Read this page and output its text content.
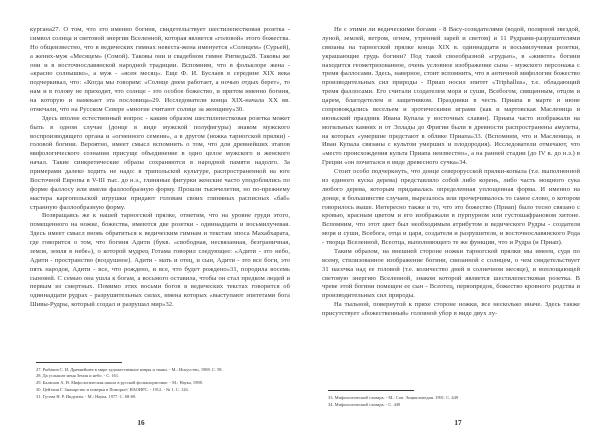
кургана27. О том, что это именно богиня, свидетельствует шестилепестковая розетка - символ солнца и световой энергии Вселенной, которая является «головой» этого божества. Но общеизвестно, что в ведических гимнах невеста-жена именуется «Солнцем» (Сурьей), а жених-муж «Месяцем» (Сомой). Таковы они и свадебном гимне Ригведы28. Таковы же они и в восточнославянской народной традиции. Вспомним, что в фольклоре жена - «красно солнышко», а муж - «ясен месяц». Еще Ф. И. Буслаев в середине XIX века подчеркивал, что: «Когда мы говорим: «Солнце днем работает, а ночью отдых берет», то нам и в голову не приходит, что солнце - это особое божество, и притом именно богиня, на которую и намекает эта пословица»29. Исследователи конца XIX-начала XX вв. отмечали, что на Русском Севере «многие считают солнце за женщину»30.

Здесь вполне естественный вопрос - каким образом шестилепестковая розетка может быть в одном случае (донце в виде мужской полуфигуры) знаком мужского воспроизводящего органа и «огненного семени», а в другом (ножка тарногской прялки) - головой богини. Вероятно, имеет смысл вспомнить о том, что для древнейших этапов мифологического сознания присуще объединение в одно целое мужского и женского начал. Такие синкретические образы сохраняются в народной памяти надолго. За примерами далеко ходить не надо: в трипольской культуре, распространенной на юге Восточной Европы в V-III тыс. до н.э., глиняные фигурки женские часто уподоблялись по форме фаллосу или имели фаллообразную форму. Прошли тысячелетия, но по-прежнему мастера каргопольской игрушки придают головам своих глиняных расписных «баб» странную фаллообразную форму.

Возвращаясь же к нашей тарногской прялке, отметим, что на уровне груди этого, помещенного на ножке, божества, имеются две розетки - одиннадцати и восьмилучевая. Здесь имеет смысл вновь обратиться к ведическим гимнам и текстам эпоса Махабхарата, где говорится о том, что богиня Адити (букв. «свободная, несвязанная, безграничная, земля, земля в небе»), о которой мудрец Готама говорил следующее: «Адити - это небо, Адити - пространство (воздушное). Адити - мать и отец, и сын, Адити - это все боги, это пять народов, Адити - все, что рождено, и все, что будет рождено»31, породила восемь сыновей. С семью она ушла к богам, а восьмого оставила, чтобы он стал предком людей и первым из смертных. Помимо этих восьми богов в ведических текстах говорится об одиннадцати рудрах - разрушительных силах, имена которых «выступают эпитетами бога Шивы-Рудры, который создал и разрушал мир»32.

27. Рыбаков С. И. Древнейшее в мире художественное ковры и ткани. - М.: Искусство, 1988. С. 58.

28. Да услышат меня Земля и небо. - С. 161.

29. Балашов А. Н. Мифологическая школа в русской фольклористике. - М.: Наука, 1988.

30. Цейтлин Г. Знахарство и поверья в Поморье// ИАОИРС. - 1912. - № 1. С. 126.

31. Гусева Н. Р. Индуизм. - М.: Наука, 1977. С. 68-69.

Не с этими ли ведическими богами - 8 Васу-созидателями (водой, полярной звездой, луной, землей, ветром, огнем, утренней зарей и светом) и 11 Рудрами-разрушителями связаны на тарногской прялке конца XIX в. одиннадцати и восьмилучевая розетки, украшающие грудь богини? Под такой своеобразной «грудью», в «животе» богини находится геометризованное, очень условное изображение сына - мужского персонажа с тремя фаллосами. Здесь, наверное, стоит вспомнить, что в античной мифологии божество производительных сил природы - Приап носил эпитет «Triphallus», т.е. обладающий тремя фаллосами. Его считали создателем моря и суши, Всебогом, священным, отцом и царем, благодетелем и защитником. Праздники в честь Приапа в марте и июне сопровождались весельем и эротическими играми (как и мартовская Масленица и июньский праздник Ивана Купала у восточных славян). Приапа часто изображали на могильных камнях и от Эллады до Фригии были в древности распространены амулеты, на которых «умершие предстают в облике Приапа»33. (Вспомним, что и Масленица, и Иван Купала связаны с культом умерших и плодородия). Исследователи отмечают, что «место происхождения культа Приапа неизвестно», а на ранней стадии (до IV в. до н.э.) в Греции «он почитался в виде древесного сучка»34.

Стоит особо подчеркнуть, что донце северорусской прялки-копыла (т.е. выполненной из единого куска дерева) представляло собой либо корень, либо часть мощного сука любого дерева, которым придавалась определенная уплощенная форма. И именно на донце, в большинстве случаев, вырезалось или прочерчивалось то самое слово, о котором говорилось выше. Интересно также и то, что это божество (Приап) было тесно связано с кровью, красным цветом и его изображали в пурпурном или густошафрановом хитоне. Вспомним, что этот цвет был необходимым атрибутом и ведического Рудры - создателя моря и суши, Всебога, отца и царя, создателя и разрушителя, и восточнославянского Рода - творца Вселенной, Всеотца, выполняющего те же функции, что и Рудра (и Приап).

Таким образом, на внешней стороне ножки тарногской прялки мы имеем, судя по всему, стилизованное изображение богини, связанной с солнцем, о чем свидетельствует 31 насечка над ее головой (т.е. количество дней в солнечном месяце), и воплощающей световую энергию Вселенной, знаком которой является шестилепестковая розетка. В чреве этой богини помещен ее сын - Всеотец, первопредок, божество кровного родства и производительных сил природы.

На тыльной, повернутой к пряхе стороне ножки, все несколько иначе. Здесь также присутствует «божественный» головной убор в виде двух лу-

33. Мифологический словарь. - М.: Сов. Энциклопедия. 1991. С. 449

34. Мифологический словарь. - С. 449

16	17
